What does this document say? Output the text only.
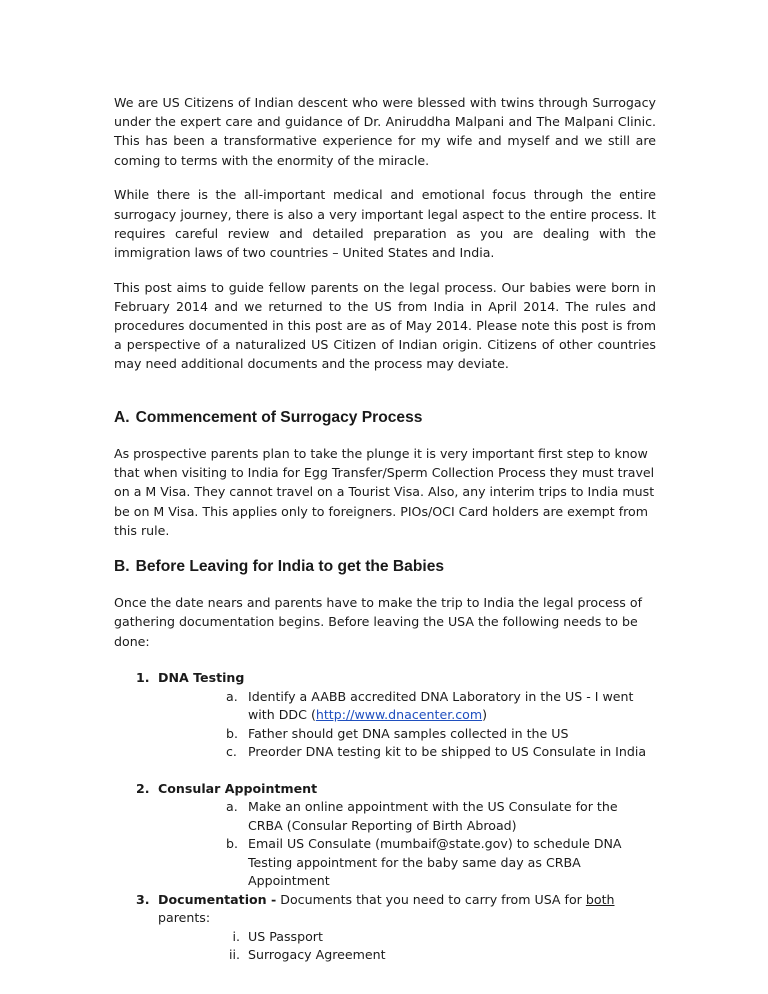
We are US Citizens of Indian descent who were blessed with twins through Surrogacy under the expert care and guidance of Dr. Aniruddha Malpani and The Malpani Clinic. This has been a transformative experience for my wife and myself and we still are coming to terms with the enormity of the miracle.

While there is the all-important medical and emotional focus through the entire surrogacy journey, there is also a very important legal aspect to the entire process. It requires careful review and detailed preparation as you are dealing with the immigration laws of two countries – United States and India.

This post aims to guide fellow parents on the legal process. Our babies were born in February 2014 and we returned to the US from India in April 2014. The rules and procedures documented in this post are as of May 2014. Please note this post is from a perspective of a naturalized US Citizen of Indian origin. Citizens of other countries may need additional documents and the process may deviate.

A. Commencement of Surrogacy Process

As prospective parents plan to take the plunge it is very important first step to know that when visiting to India for Egg Transfer/Sperm Collection Process they must travel on a M Visa. They cannot travel on a Tourist Visa. Also, any interim trips to India must be on M Visa. This applies only to foreigners. PIOs/OCI Card holders are exempt from this rule.

B. Before Leaving for India to get the Babies

Once the date nears and parents have to make the trip to India the legal process of gathering documentation begins. Before leaving the USA the following needs to be done:

1. DNA Testing
a. Identify a AABB accredited DNA Laboratory in the US - I went with DDC (http://www.dnacenter.com)
b. Father should get DNA samples collected in the US
c. Preorder DNA testing kit to be shipped to US Consulate in India
2. Consular Appointment
a. Make an online appointment with the US Consulate for the CRBA (Consular Reporting of Birth Abroad)
b. Email US Consulate (mumbaif@state.gov) to schedule DNA Testing appointment for the baby same day as CRBA Appointment
3. Documentation - Documents that you need to carry from USA for both parents:
i. US Passport
ii. Surrogacy Agreement
